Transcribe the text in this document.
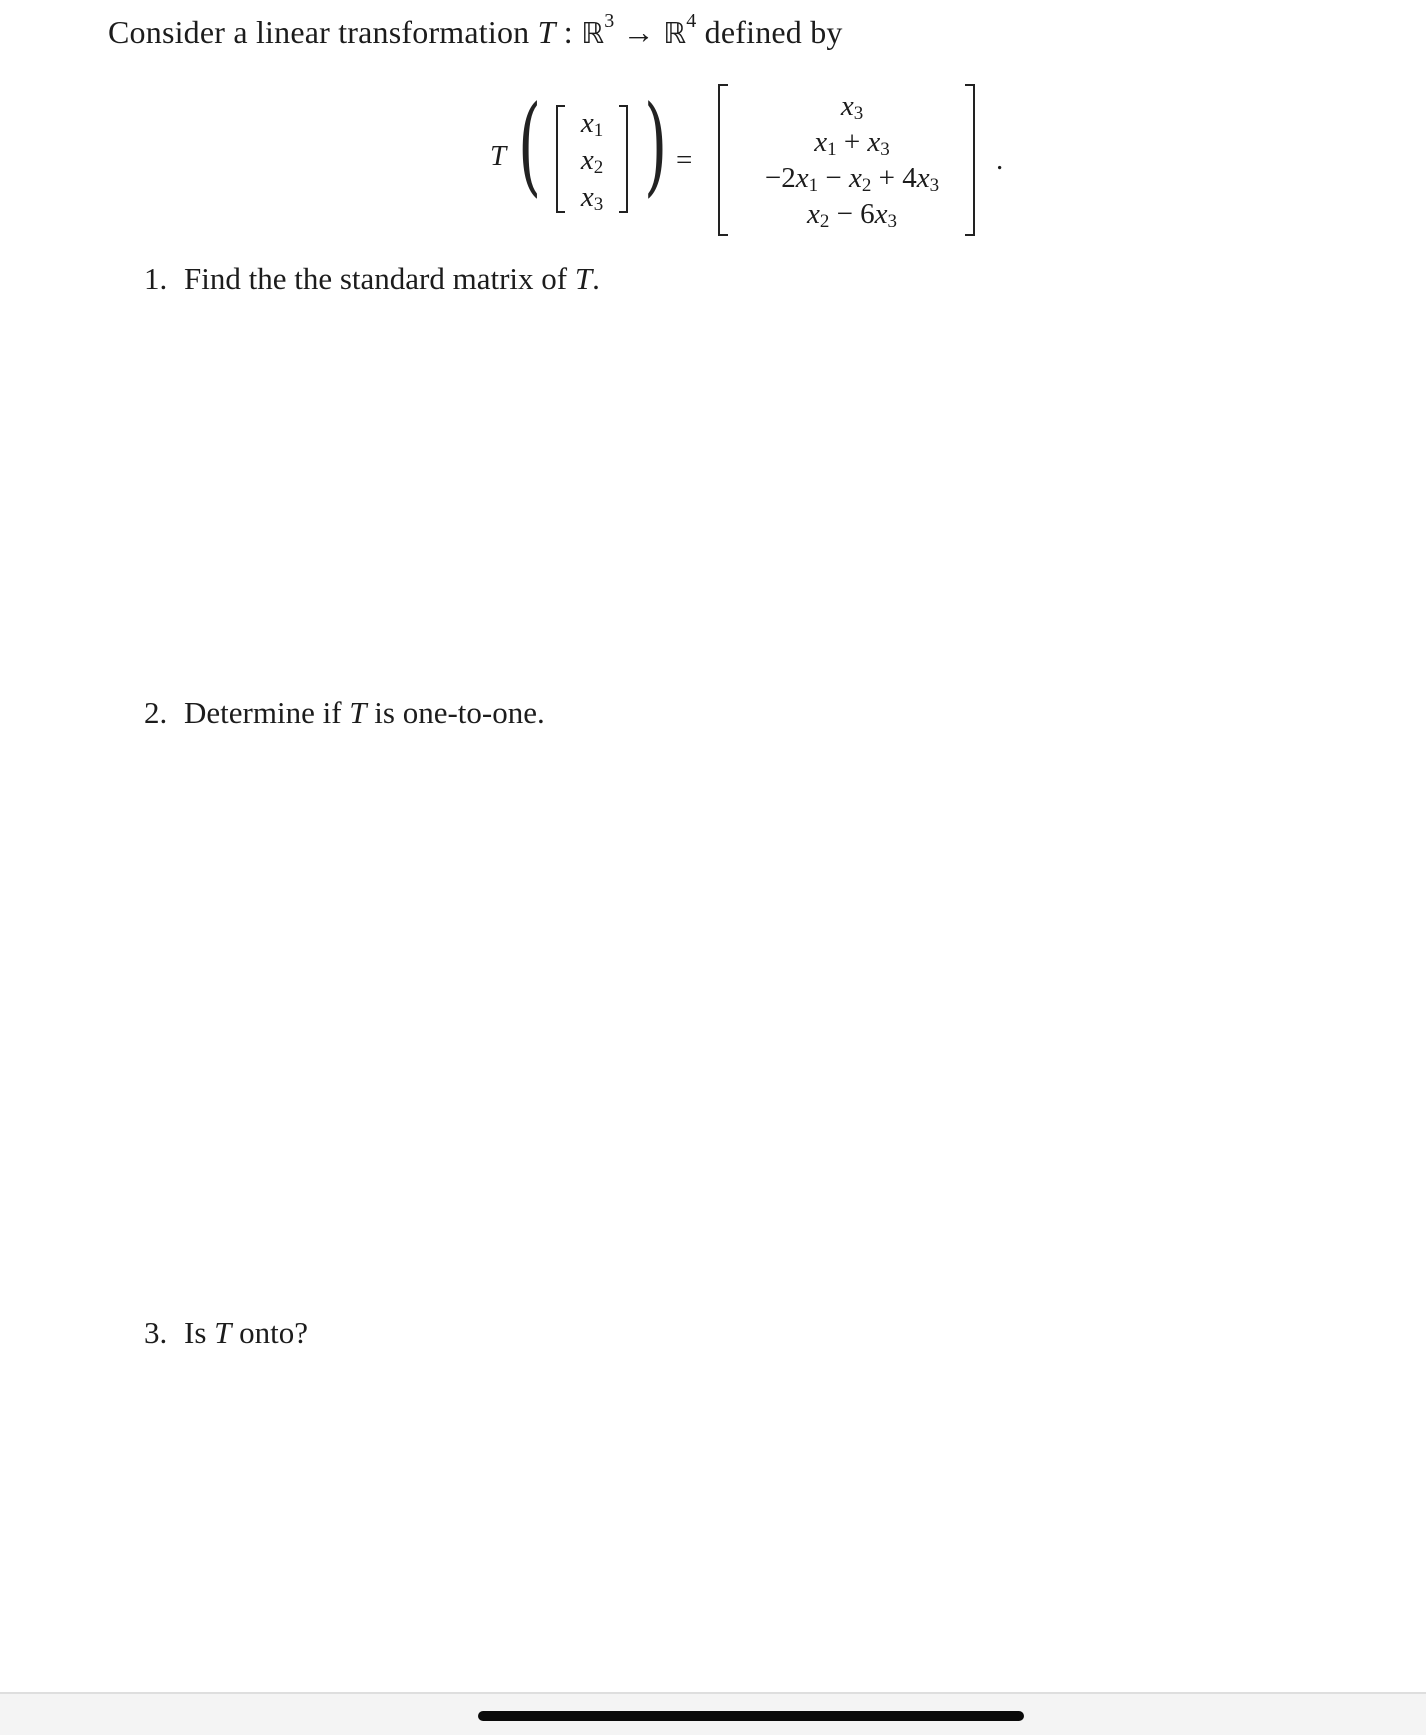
Consider a linear transformation T : ℝ$^3$ → ℝ$^4$ defined by
T ( )
$x_1$
$x_2$
$x_3$
=
$x_3$
$x_1 + x_3$
$-2x_1 - x_2 + 4x_3$
$x_2 - 6x_3$
.
1. Find the the standard matrix of T.
2. Determine if T is one-to-one.
3. Is T onto?
